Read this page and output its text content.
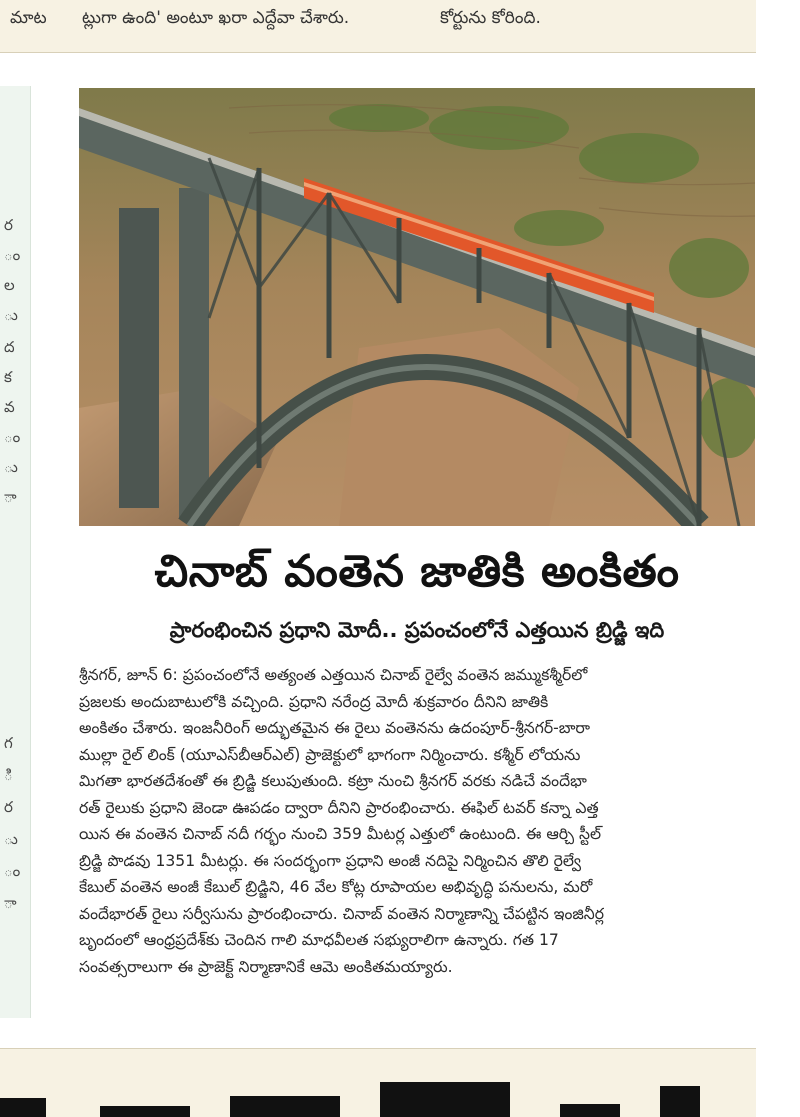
మాట ట్లుగా ఉంది' అంటూ ఖరా ఎద్దేవా చేశారు.	కోర్టును కోరింది.
ర
ం
ల
ు
ద
క
వ
ం
ు
ా
గ
ి
ర
ు
ం
ా
చినాబ్ వంతెన జాతికి అంకితం
ప్రారంభించిన ప్రధాని మోదీ.. ప్రపంచంలోనే ఎత్తయిన బ్రిడ్జి ఇది
శ్రీనగర్, జూన్ 6: ప్రపంచంలోనే అత్యంత ఎత్తయిన చినాబ్ రైల్వే వంతెన జమ్ముకశ్మీర్‌లో
ప్రజలకు అందుబాటులోకి వచ్చింది. ప్రధాని నరేంద్ర మోదీ శుక్రవారం దీనిని జాతికి
అంకితం చేశారు. ఇంజనీరింగ్ అద్భుతమైన ఈ రైలు వంతెనను ఉదంపూర్-శ్రీనగర్-బారా
ముల్లా రైల్ లింక్ (యూఎస్‌బీఆర్ఎల్) ప్రాజెక్టులో భాగంగా నిర్మించారు. కశ్మీర్ లోయను
మిగతా భారతదేశంతో ఈ బ్రిడ్జి కలుపుతుంది. కట్రా నుంచి శ్రీనగర్ వరకు నడిచే వందేభా
రత్ రైలుకు ప్రధాని జెండా ఊపడం ద్వారా దీనిని ప్రారంభించారు. ఈఫిల్ టవర్ కన్నా ఎత్త
యిన ఈ వంతెన చినాబ్ నదీ గర్భం నుంచి 359 మీటర్ల ఎత్తులో ఉంటుంది. ఈ ఆర్చి స్టీల్
బ్రిడ్జి పొడవు 1351 మీటర్లు. ఈ సందర్భంగా ప్రధాని అంజీ నదిపై నిర్మించిన తొలి రైల్వే
కేబుల్ వంతెన అంజీ కేబుల్ బ్రిడ్జిని, 46 వేల కోట్ల రూపాయల అభివృద్ధి పనులను, మరో
వందేభారత్ రైలు సర్వీసును ప్రారంభించారు. చినాబ్ వంతెన నిర్మాణాన్ని చేపట్టిన ఇంజినీర్ల
బృందంలో ఆంధ్రప్రదేశ్‌కు చెందిన గాలి మాధవీలత సభ్యురాలిగా ఉన్నారు. గత 17
సంవత్సరాలుగా ఈ ప్రాజెక్ట్ నిర్మాణానికే ఆమె అంకితమయ్యారు.
